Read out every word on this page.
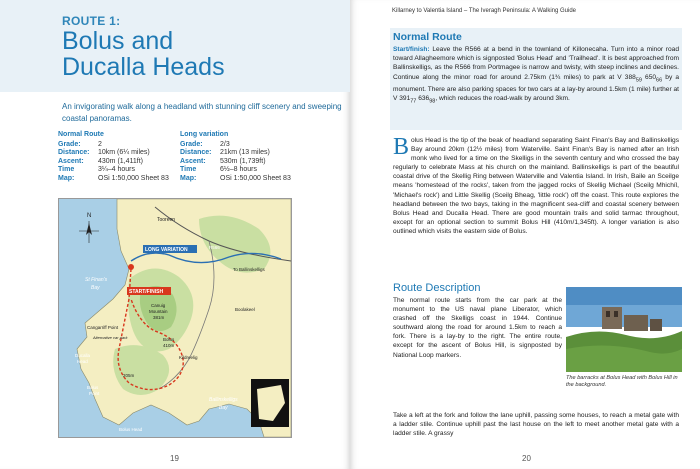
ROUTE 1:
Bolus and
Ducalla Heads
An invigorating walk along a headland with stunning cliff scenery and sweeping coastal panoramas.
Normal Route
Grade:	2
Distance:	10km (6¼ miles)
Ascent:	430m (1,411ft)
Time	3¼–4 hours
Map:	OSi 1:50,000 Sheet 83
Long variation
Grade:	2/3
Distance:	21km (13 miles)
Ascent:	530m (1,739ft)
Time	6½–8 hours
Map:	OSi 1:50,000 Sheet 83
N
Tooreen
R566
To Ballinskelligs
Boolakeel
LONG VARIATION
START/FINISH
St Finan's
Bay
Canuig
Mountain
381m
Cangarriff Point
Alternative car park	Bolus
410m
Kildreelig
Ducalla
Head
205m
Bolus
Point
Ballinskelligs
Bay
Bolus Head
19
Killarney to Valentia Island – The Iveragh Peninsula: A Walking Guide
Normal Route
Start/finish: Leave the R566 at a bend in the townland of Killonecaha. Turn into a minor road toward Allagheemore which is signposted 'Bolus Head' and 'Trailhead'. It is best approached from Ballinskelligs, as the R566 from Portmagee is narrow and twisty, with steep inclines and declines. Continue along the minor road for around 2.75km (1¾ miles) to park at V $388_{59}$ $650_{66}$ by a monument. There are also parking spaces for two cars at a lay-by around 1.5km (1 mile) further at V $391_{77}$ $636_{98}$, which reduces the road-walk by around 3km.
Bolus Head is the tip of the beak of headland separating Saint Finan's Bay and Ballinskelligs Bay around 20km (12½ miles) from Waterville. Saint Finan's Bay is named after an Irish monk who lived for a time on the Skelligs in the seventh century and who crossed the bay regularly to celebrate Mass at his church on the mainland. Ballinskelligs is part of the beautiful coastal drive of the Skellig Ring between Waterville and Valentia Island. In Irish, Baile an Sceilge means 'homestead of the rocks', taken from the jagged rocks of Skellig Michael (Sceilg Mhichíl, 'Michael's rock') and Little Skellig (Sceilg Bheag, 'little rock') off the coast. This route explores the headland between the two bays, taking in the magnificent sea-cliff and coastal scenery between Bolus Head and Ducalla Head. There are good mountain trails and solid tarmac throughout, except for an optional section to summit Bolus Hill (410m/1,345ft). A longer variation is also outlined which visits the eastern side of Bolus.
Route Description
The normal route starts from the car park at the monument to the US naval plane Liberator, which crashed off the Skelligs coast in 1944. Continue southward along the road for around 1.5km to reach a fork. There is a lay-by to the right. The entire route, except for the ascent of Bolus Hill, is signposted by National Loop markers.
The barracks at Bolus Head with Bolus Hill in the background.
Take a left at the fork and follow the lane uphill, passing some houses, to reach a metal gate with a ladder stile. Continue uphill past the last house on the left to meet another metal gate with a ladder stile. A grassy
20
